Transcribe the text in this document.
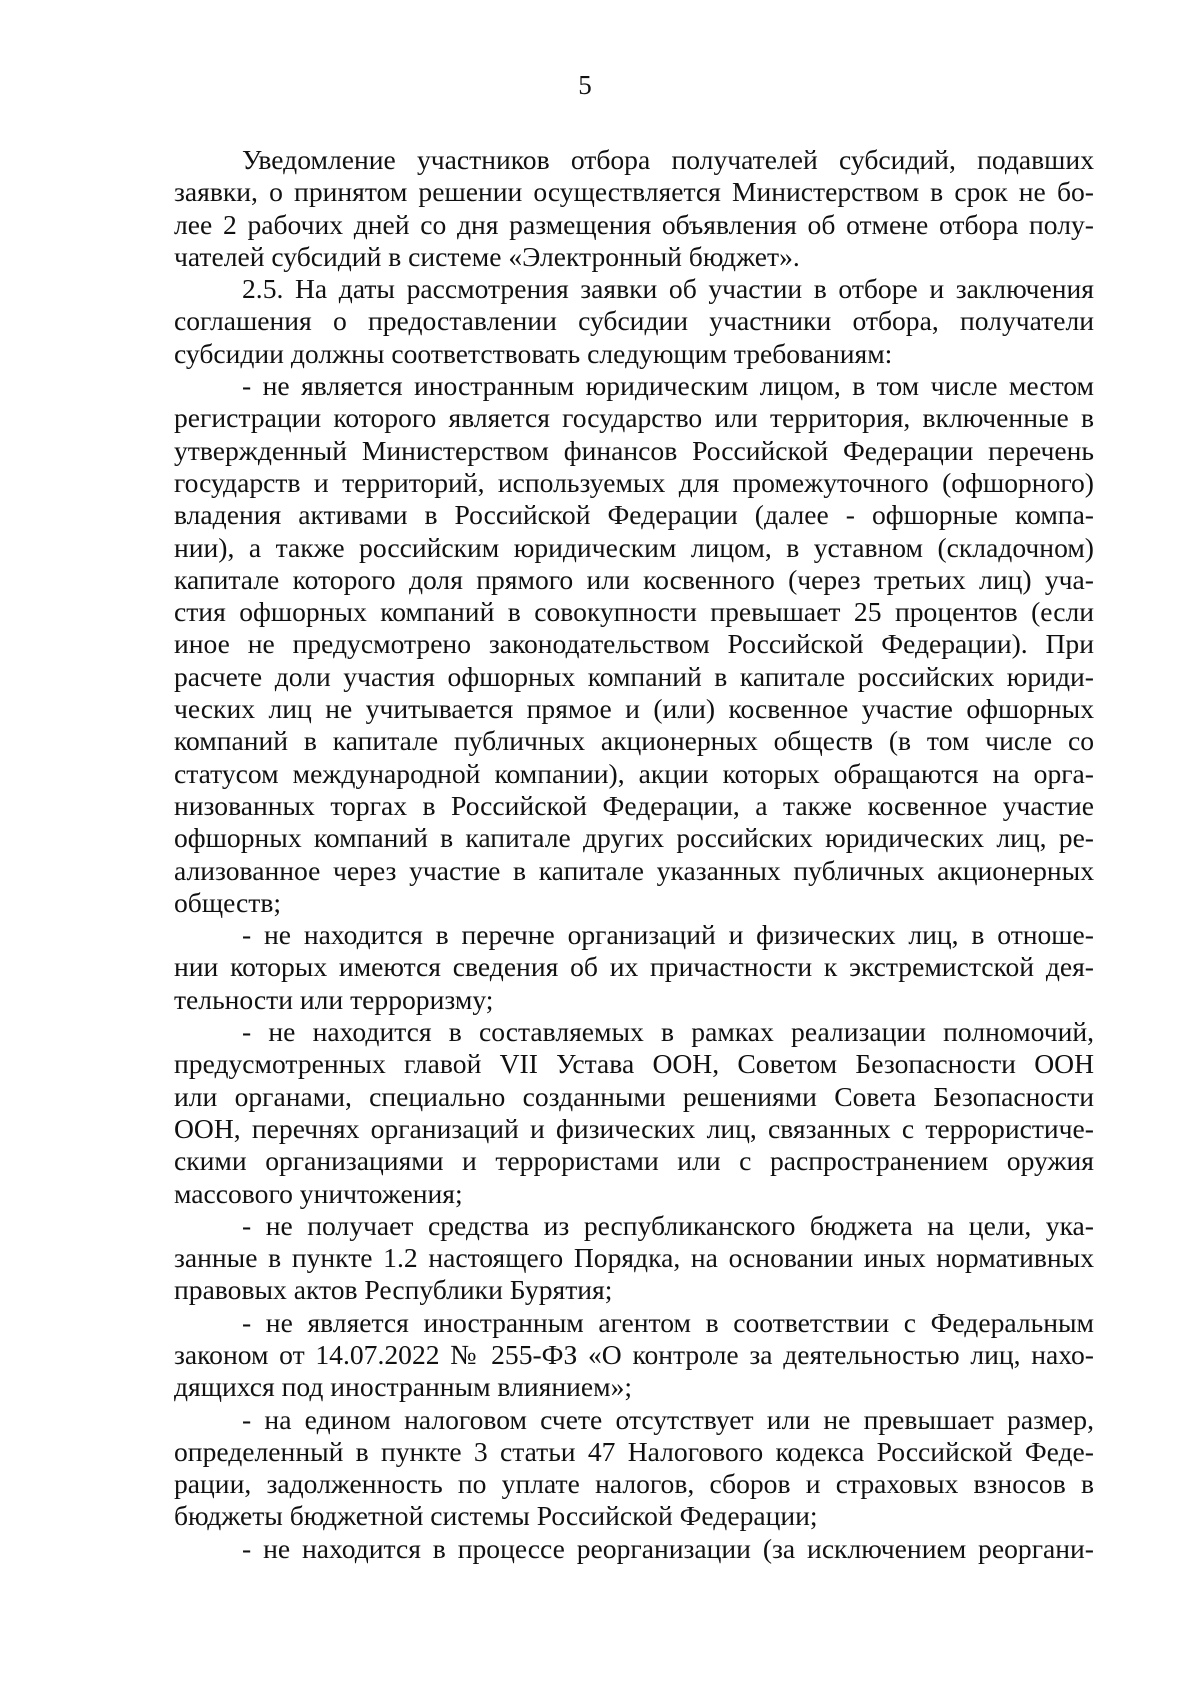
5
Уведомление участников отбора получателей субсидий, подавших
заявки, о принятом решении осуществляется Министерством в срок не бо-
лее 2 рабочих дней со дня размещения объявления об отмене отбора полу-
чателей субсидий в системе «Электронный бюджет».
2.5. На даты рассмотрения заявки об участии в отборе и заключения
соглашения о предоставлении субсидии участники отбора, получатели
субсидии должны соответствовать следующим требованиям:
- не является иностранным юридическим лицом, в том числе местом
регистрации которого является государство или территория, включенные в
утвержденный Министерством финансов Российской Федерации перечень
государств и территорий, используемых для промежуточного (офшорного)
владения активами в Российской Федерации (далее - офшорные компа-
нии), а также российским юридическим лицом, в уставном (складочном)
капитале которого доля прямого или косвенного (через третьих лиц) уча-
стия офшорных компаний в совокупности превышает 25 процентов (если
иное не предусмотрено законодательством Российской Федерации). При
расчете доли участия офшорных компаний в капитале российских юриди-
ческих лиц не учитывается прямое и (или) косвенное участие офшорных
компаний в капитале публичных акционерных обществ (в том числе со
статусом международной компании), акции которых обращаются на орга-
низованных торгах в Российской Федерации, а также косвенное участие
офшорных компаний в капитале других российских юридических лиц, ре-
ализованное через участие в капитале указанных публичных акционерных
обществ;
- не находится в перечне организаций и физических лиц, в отноше-
нии которых имеются сведения об их причастности к экстремистской дея-
тельности или терроризму;
- не находится в составляемых в рамках реализации полномочий,
предусмотренных главой VII Устава ООН, Советом Безопасности ООН
или органами, специально созданными решениями Совета Безопасности
ООН, перечнях организаций и физических лиц, связанных с террористиче-
скими организациями и террористами или с распространением оружия
массового уничтожения;
- не получает средства из республиканского бюджета на цели, ука-
занные в пункте 1.2 настоящего Порядка, на основании иных нормативных
правовых актов Республики Бурятия;
- не является иностранным агентом в соответствии с Федеральным
законом от 14.07.2022 № 255-ФЗ «О контроле за деятельностью лиц, нахо-
дящихся под иностранным влиянием»;
- на едином налоговом счете отсутствует или не превышает размер,
определенный в пункте 3 статьи 47 Налогового кодекса Российской Феде-
рации, задолженность по уплате налогов, сборов и страховых взносов в
бюджеты бюджетной системы Российской Федерации;
- не находится в процессе реорганизации (за исключением реоргани-
